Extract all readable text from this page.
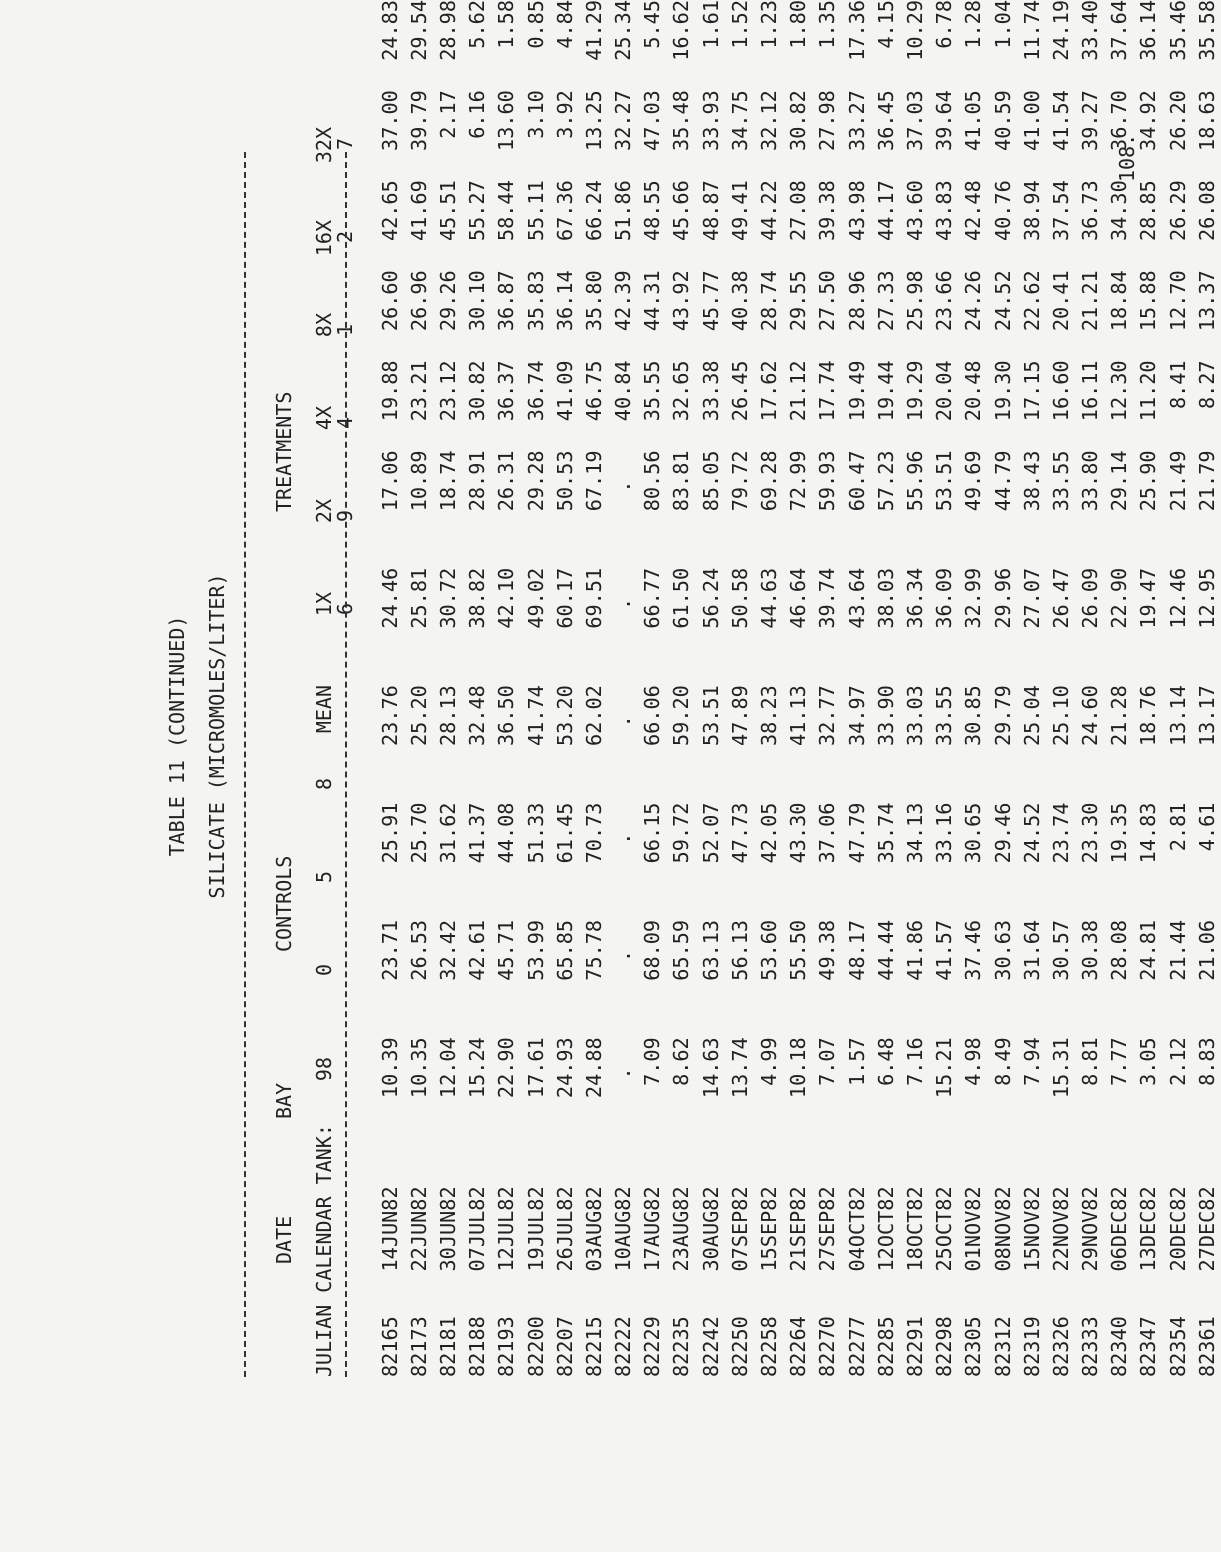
108.
TABLE 11 (CONTINUED) SILICATE (MICROMOLES/LITER)
DATE
BAY
CONTROLS
TREATMENTS
JULIAN CALENDAR TANK:
98
0
5
8
MEAN
1X
6
2X
9
4X
4
8X
1
16X
2
32X
7
82165	14JUN82	10.39	23.71	25.91	23.76	24.46	17.06	19.88	26.60	42.65	37.00	24.83
82173	22JUN82	10.35	26.53	25.70	25.20	25.81	10.89	23.21	26.96	41.69	39.79	29.54
82181	30JUN82	12.04	32.42	31.62	28.13	30.72	18.74	23.12	29.26	45.51	2.17	28.98
82188	07JUL82	15.24	42.61	41.37	32.48	38.82	28.91	30.82	30.10	55.27	6.16	5.62
82193	12JUL82	22.90	45.71	44.08	36.50	42.10	26.31	36.37	36.87	58.44	13.60	1.58
82200	19JUL82	17.61	53.99	51.33	41.74	49.02	29.28	36.74	35.83	55.11	3.10	0.85
82207	26JUL82	24.93	65.85	61.45	53.20	60.17	50.53	41.09	36.14	67.36	3.92	4.84
82215	03AUG82	24.88	75.78	70.73	62.02	69.51	67.19	46.75	35.80	66.24	13.25	41.29
82222	10AUG82	.	.	.	.	.	.	40.84	42.39	51.86	32.27	25.34
82229	17AUG82	7.09	68.09	66.15	66.06	66.77	80.56	35.55	44.31	48.55	47.03	5.45
82235	23AUG82	8.62	65.59	59.72	59.20	61.50	83.81	32.65	43.92	45.66	35.48	16.62
82242	30AUG82	14.63	63.13	52.07	53.51	56.24	85.05	33.38	45.77	48.87	33.93	1.61
82250	07SEP82	13.74	56.13	47.73	47.89	50.58	79.72	26.45	40.38	49.41	34.75	1.52
82258	15SEP82	4.99	53.60	42.05	38.23	44.63	69.28	17.62	28.74	44.22	32.12	1.23
82264	21SEP82	10.18	55.50	43.30	41.13	46.64	72.99	21.12	29.55	27.08	30.82	1.80
82270	27SEP82	7.07	49.38	37.06	32.77	39.74	59.93	17.74	27.50	39.38	27.98	1.35
82277	04OCT82	1.57	48.17	47.79	34.97	43.64	60.47	19.49	28.96	43.98	33.27	17.36
82285	12OCT82	6.48	44.44	35.74	33.90	38.03	57.23	19.44	27.33	44.17	36.45	4.15
82291	18OCT82	7.16	41.86	34.13	33.03	36.34	55.96	19.29	25.98	43.60	37.03	10.29
82298	25OCT82	15.21	41.57	33.16	33.55	36.09	53.51	20.04	23.66	43.83	39.64	6.78
82305	01NOV82	4.98	37.46	30.65	30.85	32.99	49.69	20.48	24.26	42.48	41.05	1.28
82312	08NOV82	8.49	30.63	29.46	29.79	29.96	44.79	19.30	24.52	40.76	40.59	1.04
82319	15NOV82	7.94	31.64	24.52	25.04	27.07	38.43	17.15	22.62	38.94	41.00	11.74
82326	22NOV82	15.31	30.57	23.74	25.10	26.47	33.55	16.60	20.41	37.54	41.54	24.19
82333	29NOV82	8.81	30.38	23.30	24.60	26.09	33.80	16.11	21.21	36.73	39.27	33.40
82340	06DEC82	7.77	28.08	19.35	21.28	22.90	29.14	12.30	18.84	34.30	36.70	37.64
82347	13DEC82	3.05	24.81	14.83	18.76	19.47	25.90	11.20	15.88	28.85	34.92	36.14
82354	20DEC82	2.12	21.44	2.81	13.14	12.46	21.49	8.41	12.70	26.29	26.20	35.46
82361	27DEC82	8.83	21.06	4.61	13.17	12.95	21.79	8.27	13.37	26.08	18.63	35.58
